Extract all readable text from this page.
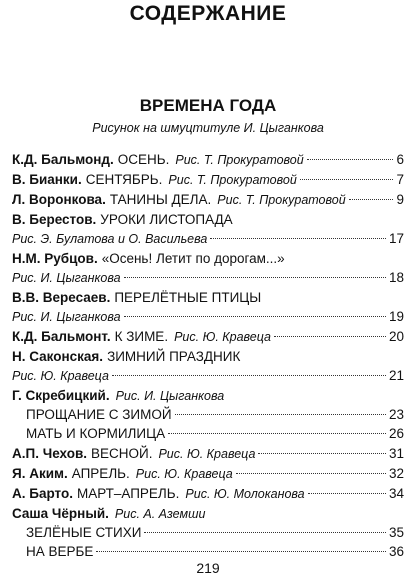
СОДЕРЖАНИЕ
ВРЕМЕНА ГОДА
Рисунок на шмуцтитуле И. Цыганкова
К.Д. Бальмонд. ОСЕНЬ. Рис. Т. Прокуратовой	6
В. Бианки. СЕНТЯБРЬ. Рис. Т. Прокуратовой	7
Л. Воронкова. ТАНИНЫ ДЕЛА. Рис. Т. Прокуратовой	9
В. Берестов. УРОКИ ЛИСТОПАДА
Рис. Э. Булатова и О. Васильева	17
Н.М. Рубцов. «Осень! Летит по дорогам...»
Рис. И. Цыганкова	18
В.В. Вересаев. ПЕРЕЛЁТНЫЕ ПТИЦЫ
Рис. И. Цыганкова	19
К.Д. Бальмонт. К ЗИМЕ. Рис. Ю. Кравеца	20
Н. Саконская. ЗИМНИЙ ПРАЗДНИК
Рис. Ю. Кравеца	21
Г. Скребицкий. Рис. И. Цыганкова
ПРОЩАНИЕ С ЗИМОЙ	23
МАТЬ И КОРМИЛИЦА	26
А.П. Чехов. ВЕСНОЙ. Рис. Ю. Кравеца	31
Я. Аким. АПРЕЛЬ. Рис. Ю. Кравеца	32
А. Барто. МАРТ–АПРЕЛЬ. Рис. Ю. Молоканова	34
Саша Чёрный. Рис. А. Аземши
ЗЕЛЁНЫЕ СТИХИ	35
НА ВЕРБЕ	36
219
